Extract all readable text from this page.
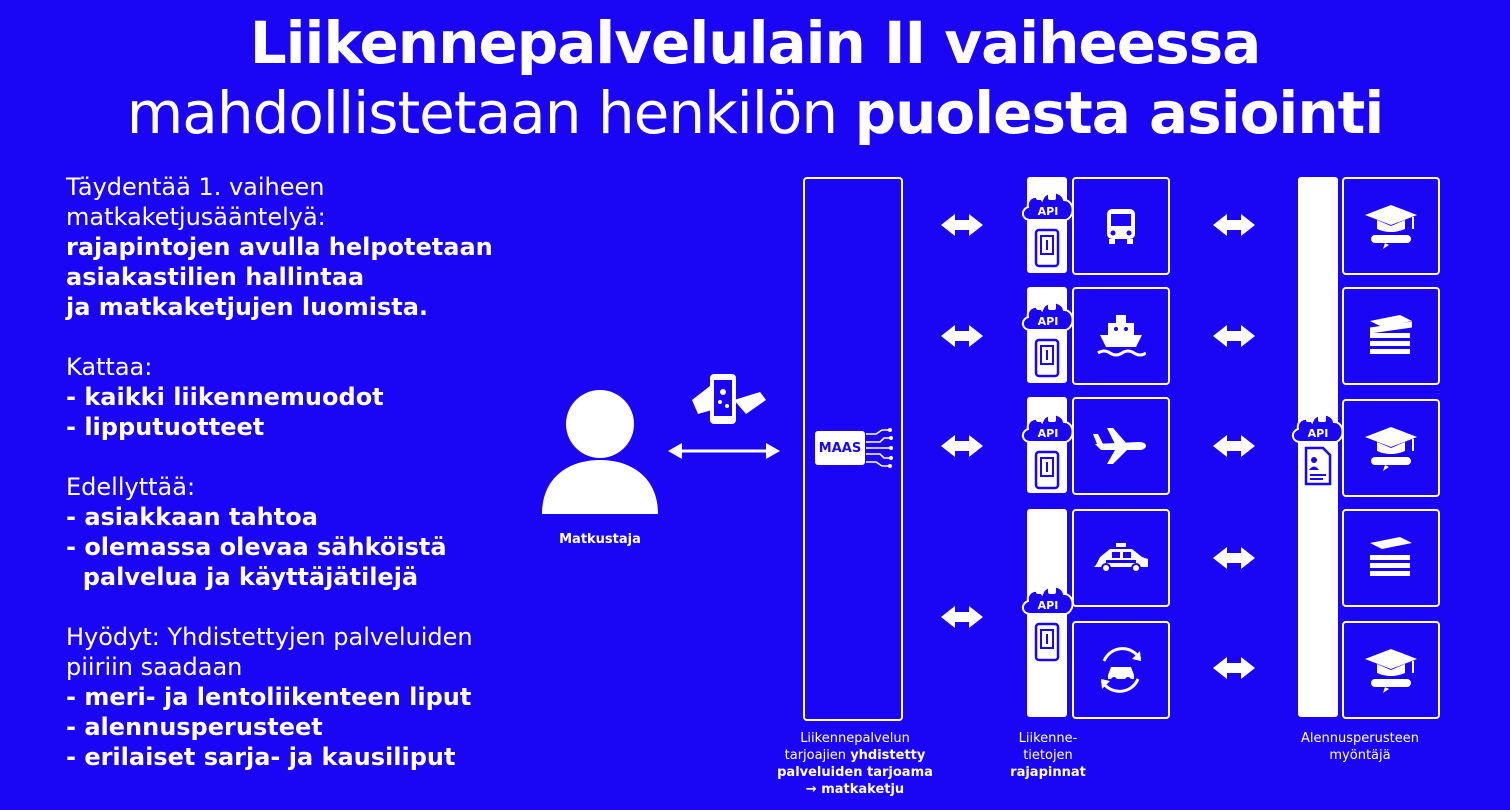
Liikennepalvelulain II vaiheessa
mahdollistetaan henkilön puolesta asiointi
Täydentää 1. vaiheen
matkaketjusääntelyä:
rajapintojen avulla helpotetaan
asiakastilien hallintaa
ja matkaketjujen luomista.
Kattaa:
- kaikki liikennemuodot
- lipputuotteet
Edellyttää:
- asiakkaan tahtoa
- olemassa olevaa sähköistä
palvelua ja käyttäjätilejä
Hyödyt: Yhdistettyjen palveluiden
piiriin saadaan
- meri- ja lentoliikenteen liput
- alennusperusteet
- erilaiset sarja- ja kausiliput
Matkustaja
MAAS
API
API
API
API
API
Liikennepalvelun
tarjoajien yhdistetty
palveluiden tarjoama
→ matkaketju
Liikenne-
tietojen
rajapinnat
Alennusperusteen
myöntäjä
